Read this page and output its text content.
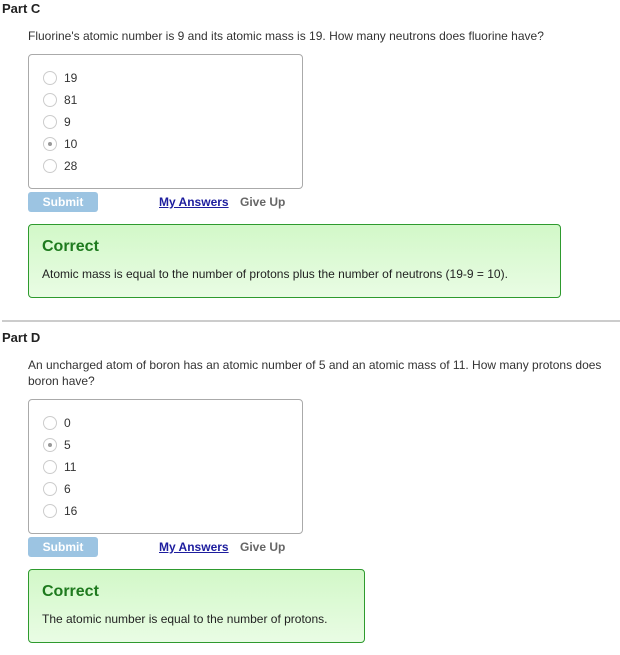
Part C
Fluorine's atomic number is 9 and its atomic mass is 19. How many neutrons does fluorine have?
19
81
9
10
28
Submit	My Answers Give Up
Correct
Atomic mass is equal to the number of protons plus the number of neutrons (19-9 = 10).
Part D
An uncharged atom of boron has an atomic number of 5 and an atomic mass of 11. How many protons does boron have?
0
5
11
6
16
Submit	My Answers Give Up
Correct
The atomic number is equal to the number of protons.
